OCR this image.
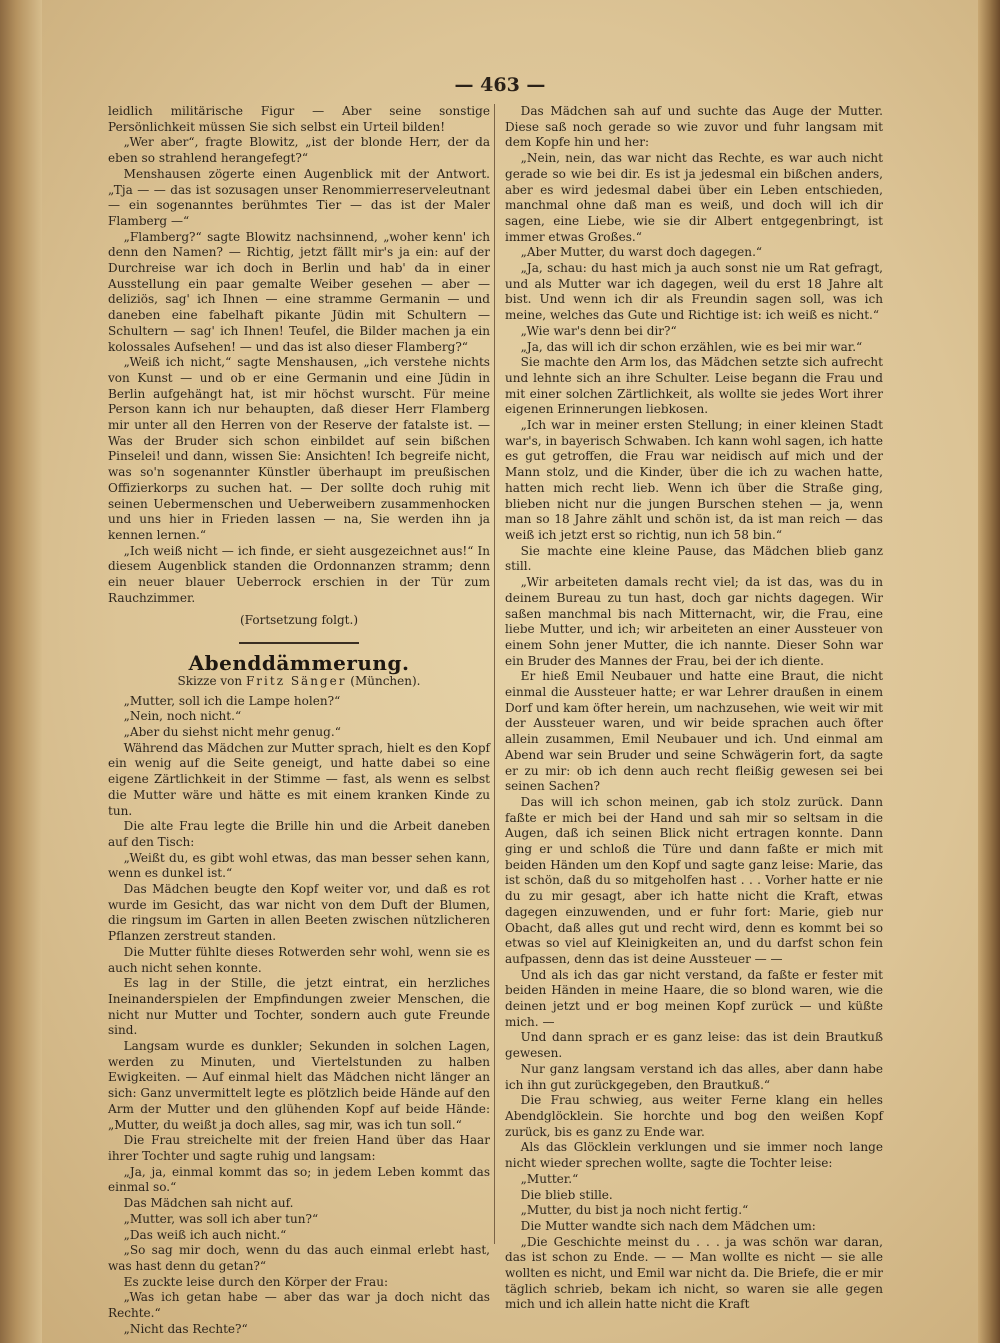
— 463 —

leidlich militärische Figur — Aber seine sonstige Persönlichkeit müssen Sie sich selbst ein Urteil bilden!

„Wer aber“, fragte Blowitz, „ist der blonde Herr, der da eben so strahlend herangefegt?“

Menshausen zögerte einen Augenblick mit der Antwort. „Tja — — das ist sozusagen unser Renommierreserveleutnant — ein sogenanntes berühmtes Tier — das ist der Maler Flamberg —“

„Flamberg?“ sagte Blowitz nachsinnend, „woher kenn' ich denn den Namen? — Richtig, jetzt fällt mir's ja ein: auf der Durchreise war ich doch in Berlin und hab' da in einer Ausstellung ein paar gemalte Weiber gesehen — aber — deliziös, sag' ich Ihnen — eine stramme Germanin — und daneben eine fabelhaft pikante Jüdin mit Schultern — Schultern — sag' ich Ihnen! Teufel, die Bilder machen ja ein kolossales Aufsehen! — und das ist also dieser Flamberg?“

„Weiß ich nicht,“ sagte Menshausen, „ich verstehe nichts von Kunst — und ob er eine Germanin und eine Jüdin in Berlin aufgehängt hat, ist mir höchst wurscht. Für meine Person kann ich nur behaupten, daß dieser Herr Flamberg mir unter all den Herren von der Reserve der fatalste ist. — Was der Bruder sich schon einbildet auf sein bißchen Pinselei! und dann, wissen Sie: Ansichten! Ich begreife nicht, was so'n sogenannter Künstler überhaupt im preußischen Offizierkorps zu suchen hat. — Der sollte doch ruhig mit seinen Uebermenschen und Ueberweibern zusammenhocken und uns hier in Frieden lassen — na, Sie werden ihn ja kennen lernen.“

„Ich weiß nicht — ich finde, er sieht ausgezeichnet aus!“ In diesem Augenblick standen die Ordonnanzen stramm; denn ein neuer blauer Ueberrock erschien in der Tür zum Rauchzimmer.

(Fortsetzung folgt.)
Abenddämmerung.
Skizze von Fritz Sänger (München).

„Mutter, soll ich die Lampe holen?“

„Nein, noch nicht.“

„Aber du siehst nicht mehr genug.“

Während das Mädchen zur Mutter sprach, hielt es den Kopf ein wenig auf die Seite geneigt, und hatte dabei so eine eigene Zärtlichkeit in der Stimme — fast, als wenn es selbst die Mutter wäre und hätte es mit einem kranken Kinde zu tun.

Die alte Frau legte die Brille hin und die Arbeit daneben auf den Tisch:

„Weißt du, es gibt wohl etwas, das man besser sehen kann, wenn es dunkel ist.“

Das Mädchen beugte den Kopf weiter vor, und daß es rot wurde im Gesicht, das war nicht von dem Duft der Blumen, die ringsum im Garten in allen Beeten zwischen nützlicheren Pflanzen zerstreut standen.

Die Mutter fühlte dieses Rotwerden sehr wohl, wenn sie es auch nicht sehen konnte.

Es lag in der Stille, die jetzt eintrat, ein herzliches Ineinanderspielen der Empfindungen zweier Menschen, die nicht nur Mutter und Tochter, sondern auch gute Freunde sind.

Langsam wurde es dunkler; Sekunden in solchen Lagen, werden zu Minuten, und Viertelstunden zu halben Ewigkeiten. — Auf einmal hielt das Mädchen nicht länger an sich: Ganz unvermittelt legte es plötzlich beide Hände auf den Arm der Mutter und den glühenden Kopf auf beide Hände: „Mutter, du weißt ja doch alles, sag mir, was ich tun soll.“

Die Frau streichelte mit der freien Hand über das Haar ihrer Tochter und sagte ruhig und langsam:

„Ja, ja, einmal kommt das so; in jedem Leben kommt das einmal so.“

Das Mädchen sah nicht auf.

„Mutter, was soll ich aber tun?“

„Das weiß ich auch nicht.“

„So sag mir doch, wenn du das auch einmal erlebt hast, was hast denn du getan?“

Es zuckte leise durch den Körper der Frau:

„Was ich getan habe — aber das war ja doch nicht das Rechte.“

„Nicht das Rechte?“

Das Mädchen sah auf und suchte das Auge der Mutter. Diese saß noch gerade so wie zuvor und fuhr langsam mit dem Kopfe hin und her:

„Nein, nein, das war nicht das Rechte, es war auch nicht gerade so wie bei dir. Es ist ja jedesmal ein bißchen anders, aber es wird jedesmal dabei über ein Leben entschieden, manchmal ohne daß man es weiß, und doch will ich dir sagen, eine Liebe, wie sie dir Albert entgegenbringt, ist immer etwas Großes.“

„Aber Mutter, du warst doch dagegen.“

„Ja, schau: du hast mich ja auch sonst nie um Rat gefragt, und als Mutter war ich dagegen, weil du erst 18 Jahre alt bist. Und wenn ich dir als Freundin sagen soll, was ich meine, welches das Gute und Richtige ist: ich weiß es nicht.“

„Wie war's denn bei dir?“

„Ja, das will ich dir schon erzählen, wie es bei mir war.“

Sie machte den Arm los, das Mädchen setzte sich aufrecht und lehnte sich an ihre Schulter. Leise begann die Frau und mit einer solchen Zärtlichkeit, als wollte sie jedes Wort ihrer eigenen Erinnerungen liebkosen.

„Ich war in meiner ersten Stellung; in einer kleinen Stadt war's, in bayerisch Schwaben. Ich kann wohl sagen, ich hatte es gut getroffen, die Frau war neidisch auf mich und der Mann stolz, und die Kinder, über die ich zu wachen hatte, hatten mich recht lieb. Wenn ich über die Straße ging, blieben nicht nur die jungen Burschen stehen — ja, wenn man so 18 Jahre zählt und schön ist, da ist man reich — das weiß ich jetzt erst so richtig, nun ich 58 bin.“

Sie machte eine kleine Pause, das Mädchen blieb ganz still.

„Wir arbeiteten damals recht viel; da ist das, was du in deinem Bureau zu tun hast, doch gar nichts dagegen. Wir saßen manchmal bis nach Mitternacht, wir, die Frau, eine liebe Mutter, und ich; wir arbeiteten an einer Aussteuer von einem Sohn jener Mutter, die ich nannte. Dieser Sohn war ein Bruder des Mannes der Frau, bei der ich diente.

Er hieß Emil Neubauer und hatte eine Braut, die nicht einmal die Aussteuer hatte; er war Lehrer draußen in einem Dorf und kam öfter herein, um nachzusehen, wie weit wir mit der Aussteuer waren, und wir beide sprachen auch öfter allein zusammen, Emil Neubauer und ich. Und einmal am Abend war sein Bruder und seine Schwägerin fort, da sagte er zu mir: ob ich denn auch recht fleißig gewesen sei bei seinen Sachen?

Das will ich schon meinen, gab ich stolz zurück. Dann faßte er mich bei der Hand und sah mir so seltsam in die Augen, daß ich seinen Blick nicht ertragen konnte. Dann ging er und schloß die Türe und dann faßte er mich mit beiden Händen um den Kopf und sagte ganz leise: Marie, das ist schön, daß du so mitgeholfen hast . . . Vorher hatte er nie du zu mir gesagt, aber ich hatte nicht die Kraft, etwas dagegen einzuwenden, und er fuhr fort: Marie, gieb nur Obacht, daß alles gut und recht wird, denn es kommt bei so etwas so viel auf Kleinigkeiten an, und du darfst schon fein aufpassen, denn das ist deine Aussteuer — —

Und als ich das gar nicht verstand, da faßte er fester mit beiden Händen in meine Haare, die so blond waren, wie die deinen jetzt und er bog meinen Kopf zurück — und küßte mich. —

Und dann sprach er es ganz leise: das ist dein Brautkuß gewesen.

Nur ganz langsam verstand ich das alles, aber dann habe ich ihn gut zurückgegeben, den Brautkuß.“

Die Frau schwieg, aus weiter Ferne klang ein helles Abendglöcklein. Sie horchte und bog den weißen Kopf zurück, bis es ganz zu Ende war.

Als das Glöcklein verklungen und sie immer noch lange nicht wieder sprechen wollte, sagte die Tochter leise:

„Mutter.“

Die blieb stille.

„Mutter, du bist ja noch nicht fertig.“

Die Mutter wandte sich nach dem Mädchen um:

„Die Geschichte meinst du . . . ja was schön war daran, das ist schon zu Ende. — — Man wollte es nicht — sie alle wollten es nicht, und Emil war nicht da. Die Briefe, die er mir täglich schrieb, bekam ich nicht, so waren sie alle gegen mich und ich allein hatte nicht die Kraft
